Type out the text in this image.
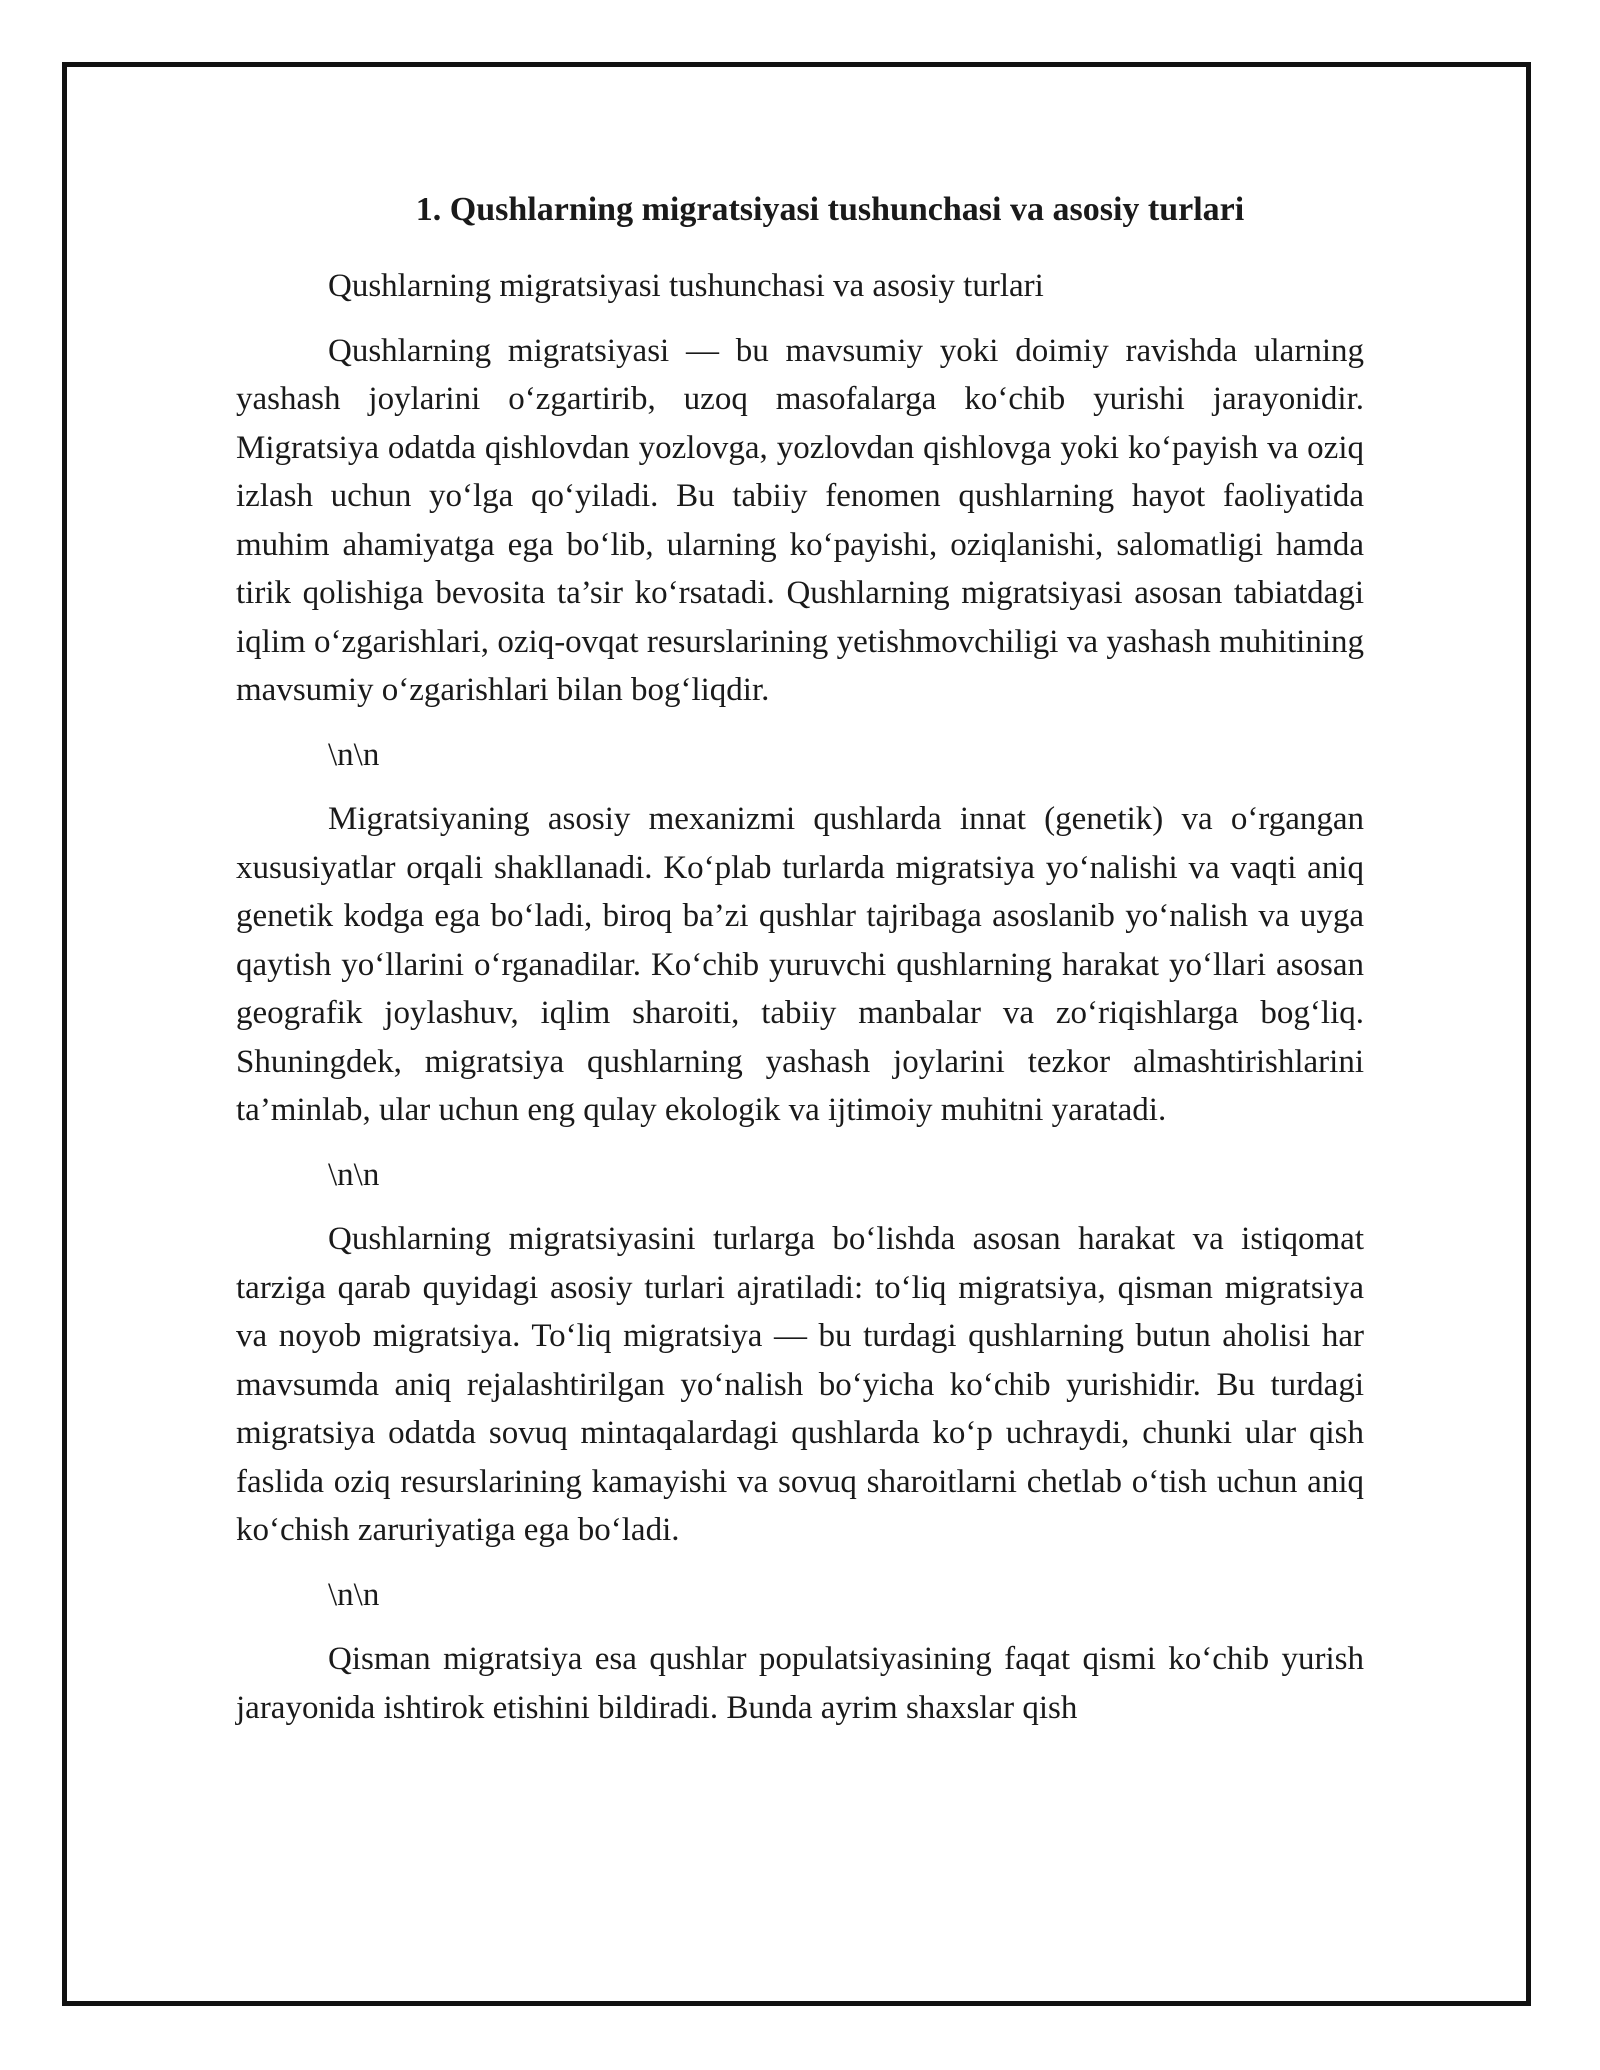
1. Qushlarning migratsiyasi tushunchasi va asosiy turlari

Qushlarning migratsiyasi tushunchasi va asosiy turlari

Qushlarning migratsiyasi — bu mavsumiy yoki doimiy ravishda ularning yashash joylarini o‘zgartirib, uzoq masofalarga ko‘chib yurishi jarayonidir. Migratsiya odatda qishlovdan yozlovga, yozlovdan qishlovga yoki ko‘payish va oziq izlash uchun yo‘lga qo‘yiladi. Bu tabiiy fenomen qushlarning hayot faoliyatida muhim ahamiyatga ega bo‘lib, ularning ko‘payishi, oziqlanishi, salomatligi hamda tirik qolishiga bevosita ta’sir ko‘rsatadi. Qushlarning migratsiyasi asosan tabiatdagi iqlim o‘zgarishlari, oziq-ovqat resurslarining yetishmovchiligi va yashash muhitining mavsumiy o‘zgarishlari bilan bog‘liqdir.

\n\n

Migratsiyaning asosiy mexanizmi qushlarda innat (genetik) va o‘rgangan xususiyatlar orqali shakllanadi. Ko‘plab turlarda migratsiya yo‘nalishi va vaqti aniq genetik kodga ega bo‘ladi, biroq ba’zi qushlar tajribaga asoslanib yo‘nalish va uyga qaytish yo‘llarini o‘rganadilar. Ko‘chib yuruvchi qushlarning harakat yo‘llari asosan geografik joylashuv, iqlim sharoiti, tabiiy manbalar va zo‘riqishlarga bog‘liq. Shuningdek, migratsiya qushlarning yashash joylarini tezkor almashtirishlarini ta’minlab, ular uchun eng qulay ekologik va ijtimoiy muhitni yaratadi.

\n\n

Qushlarning migratsiyasini turlarga bo‘lishda asosan harakat va istiqomat tarziga qarab quyidagi asosiy turlari ajratiladi: to‘liq migratsiya, qisman migratsiya va noyob migratsiya. To‘liq migratsiya — bu turdagi qushlarning butun aholisi har mavsumda aniq rejalashtirilgan yo‘nalish bo‘yicha ko‘chib yurishidir. Bu turdagi migratsiya odatda sovuq mintaqalardagi qushlarda ko‘p uchraydi, chunki ular qish faslida oziq resurslarining kamayishi va sovuq sharoitlarni chetlab o‘tish uchun aniq ko‘chish zaruriyatiga ega bo‘ladi.

\n\n

Qisman migratsiya esa qushlar populatsiyasining faqat qismi ko‘chib yurish jarayonida ishtirok etishini bildiradi. Bunda ayrim shaxslar qish
